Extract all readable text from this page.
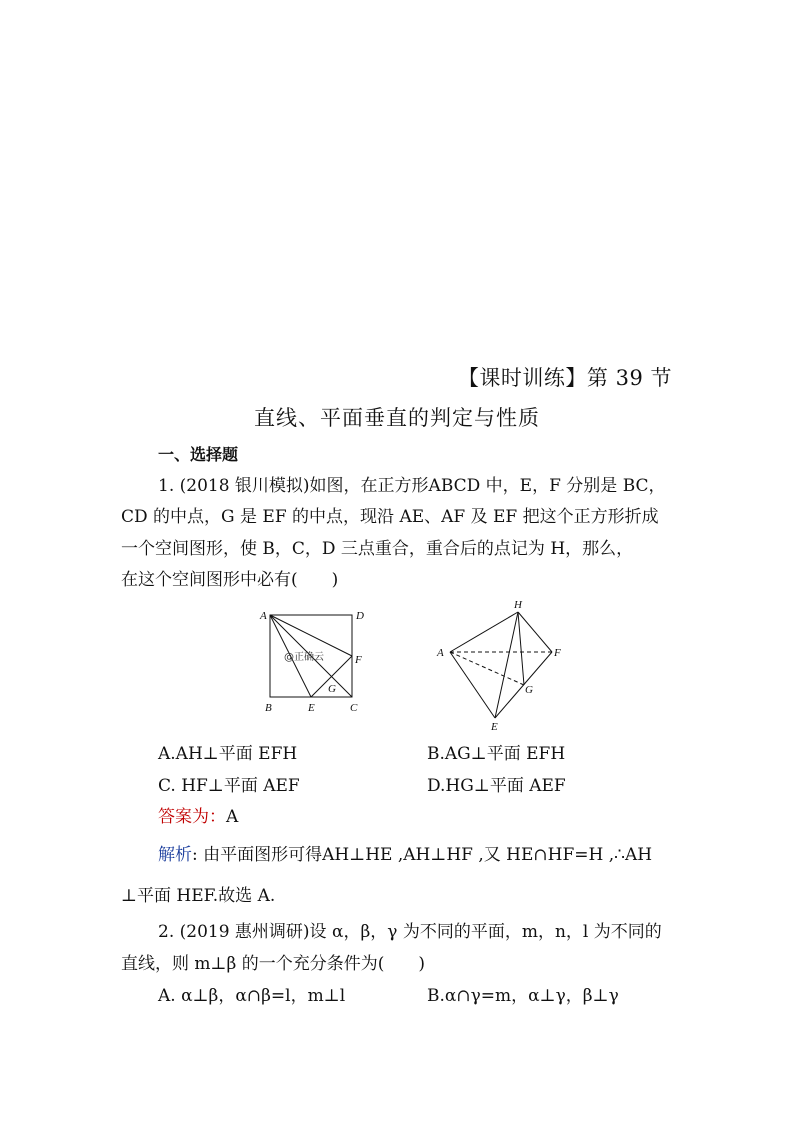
【课时训练】第 39 节
直线、平面垂直的判定与性质
一、选择题
1. (2018 银川模拟)如图，在正方形ABCD 中，E，F 分别是 BC，
CD 的中点，G 是 EF 的中点，现沿 AE、AF 及 EF 把这个正方形折成
一个空间图形，使 B，C，D 三点重合，重合后的点记为 H，那么，
在这个空间图形中必有(　　)
A	D
F
G
B	E	C
@正确云
H
A	F
G
E
A.AH⊥平面 EFH	B.AG⊥平面 EFH
C. HF⊥平面 AEF	D.HG⊥平面 AEF
答案为：A
解析: 由平面图形可得AH⊥HE ,AH⊥HF ,又 HE∩HF=H ,∴AH
⊥平面 HEF.故选 A.
2. (2019 惠州调研)设 α，β，γ 为不同的平面，m，n，l 为不同的
直线，则 m⊥β 的一个充分条件为(　　)
A. α⊥β，α∩β=l，m⊥l	B.α∩γ=m，α⊥γ，β⊥γ
